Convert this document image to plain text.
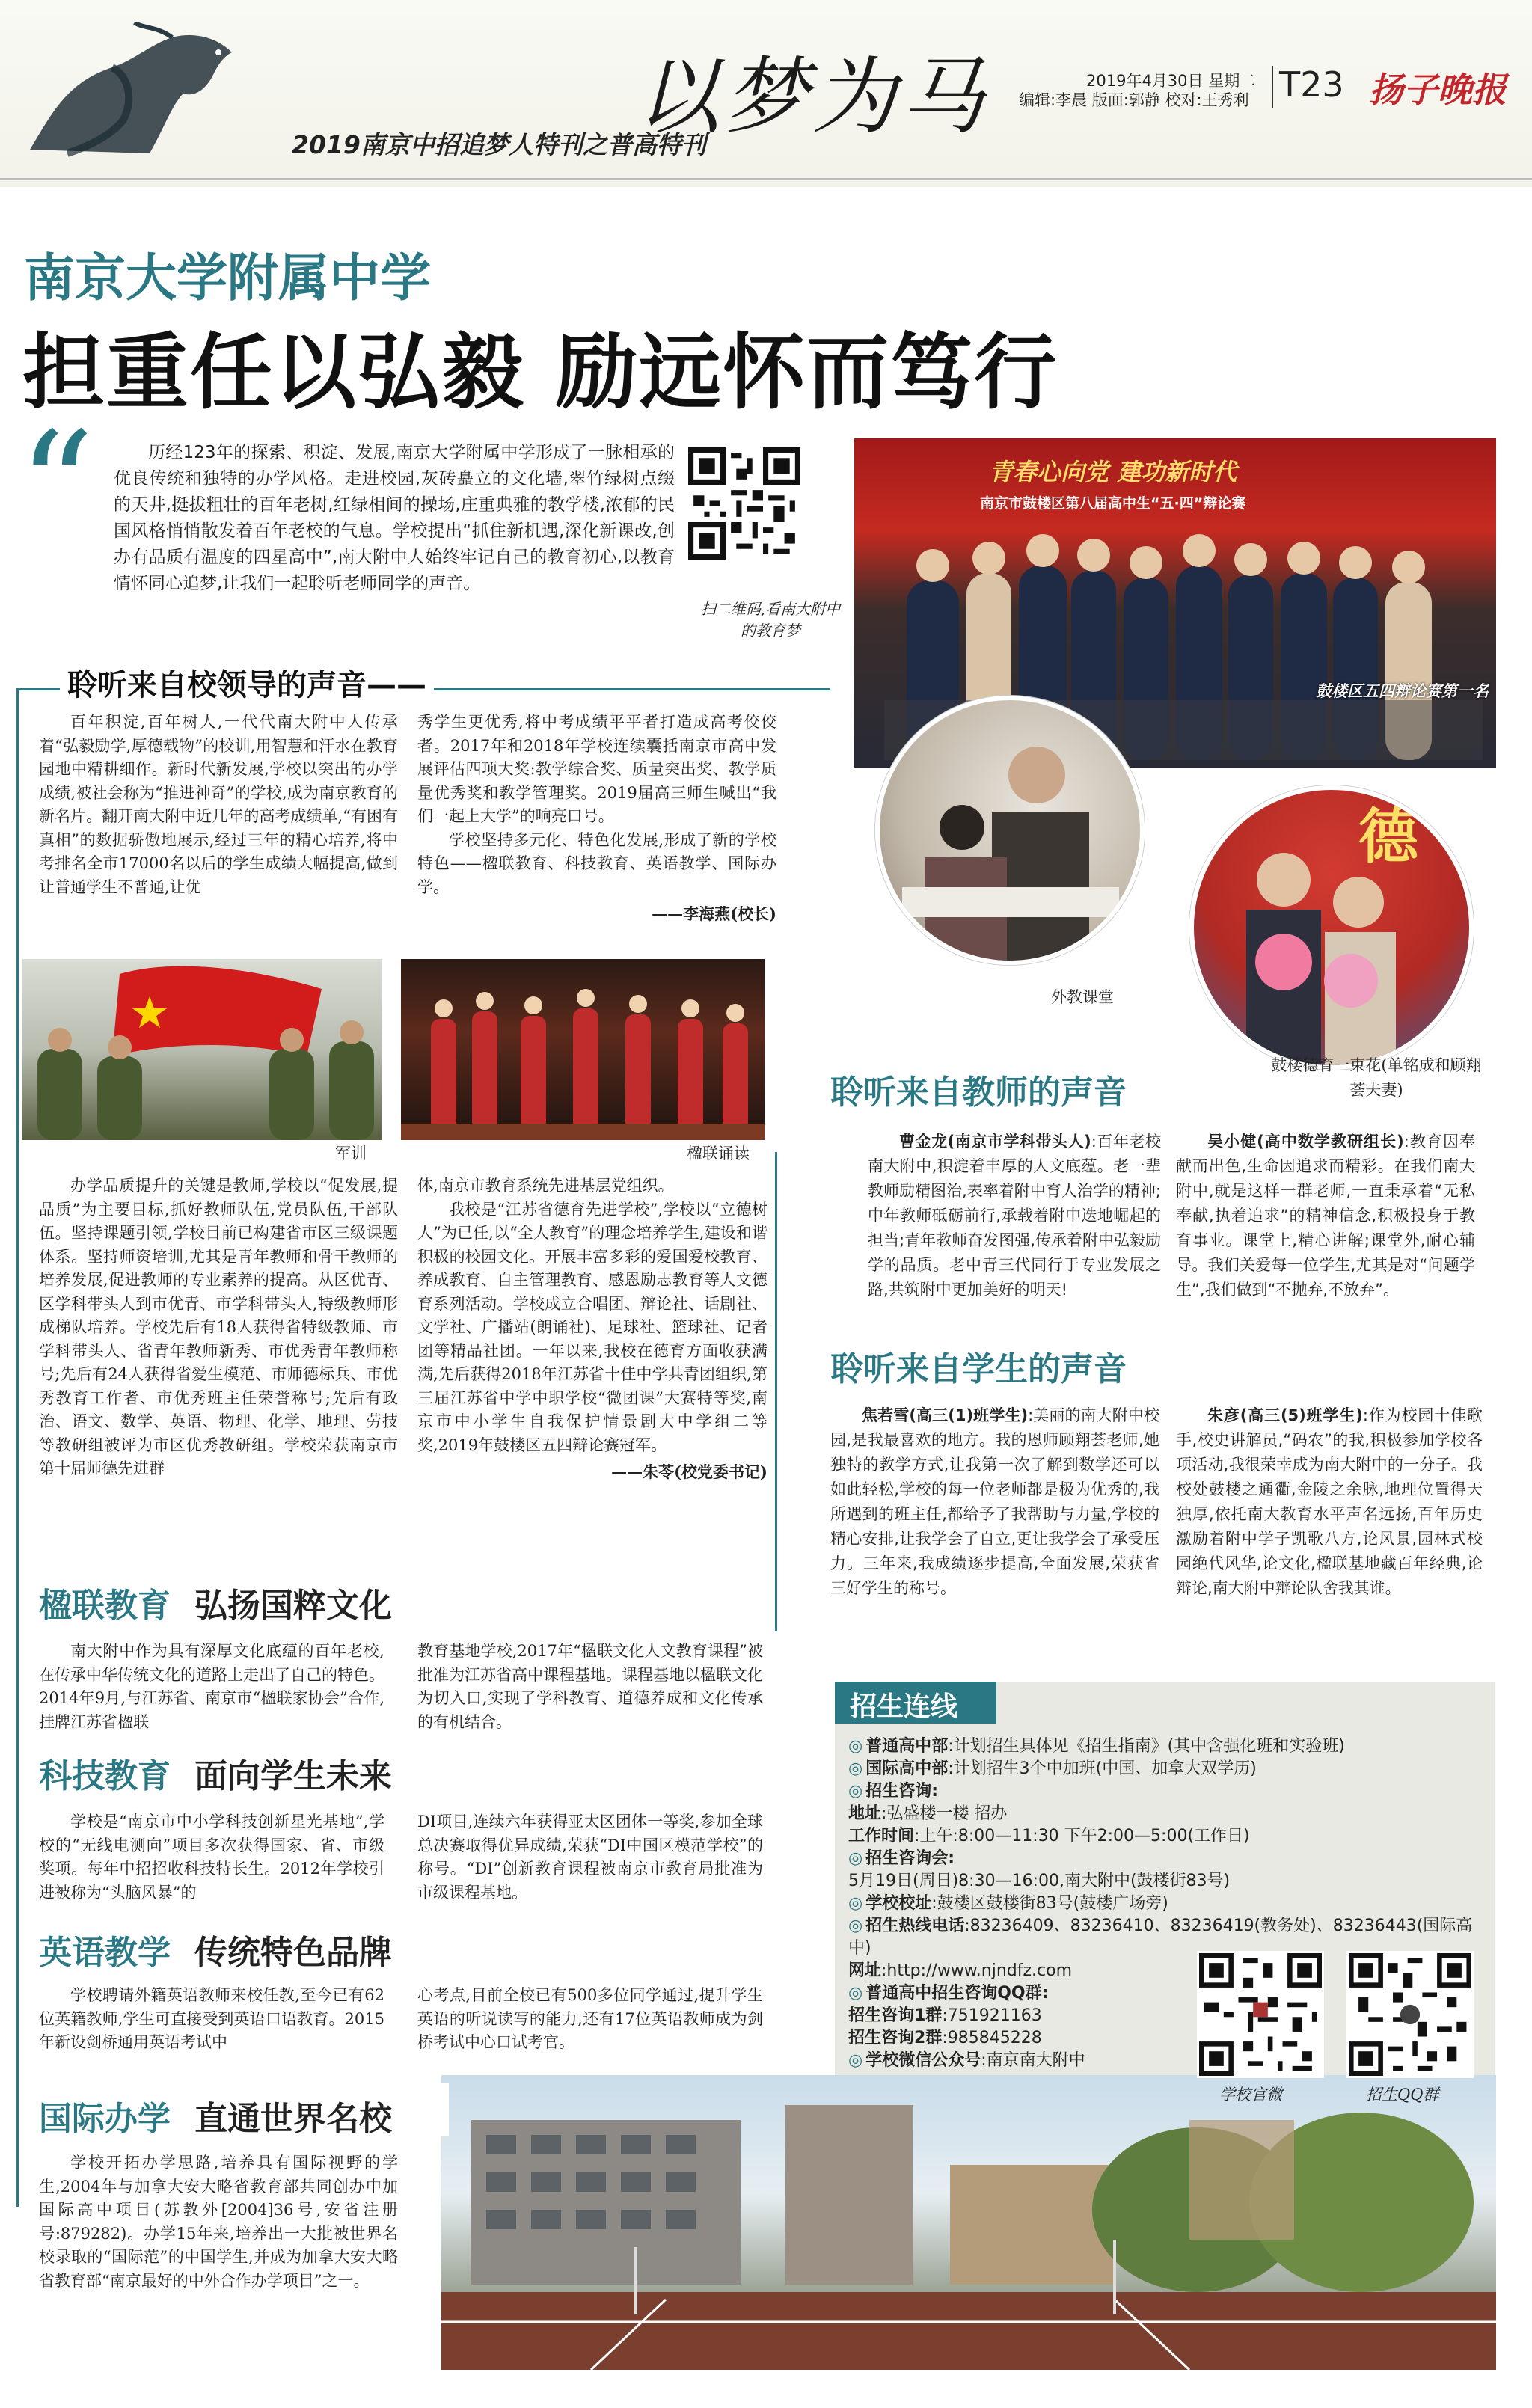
2019南京中招追梦人特刊之普高特刊
以梦为马	2019年4月30日 星期二
编辑:李晨 版面:郭静 校对:王秀利 T23 扬子晚报
南京大学附属中学
担重任以弘毅 励远怀而笃行
“	历经123年的探索、积淀、发展,南京大学附属中学形成了一脉相承的优良传统和独特的办学风格。走进校园,灰砖矗立的文化墙,翠竹绿树点缀的天井,挺拔粗壮的百年老树,红绿相间的操场,庄重典雅的教学楼,浓郁的民国风格悄悄散发着百年老校的气息。学校提出“抓住新机遇,深化新课改,创办有品质有温度的四星高中”,南大附中人始终牢记自己的教育初心,以教育情怀同心追梦,让我们一起聆听老师同学的声音。

扫二维码,看南大附中的教育梦
青春心向党 建功新时代
南京市鼓楼区第八届高中生“五·四”辩论赛
鼓楼区五四辩论赛第一名
外教课堂
德
鼓楼德育一束花(单铭成和顾翔荟夫妻)
聆听来自校领导的声音——

百年积淀,百年树人,一代代南大附中人传承着“弘毅励学,厚德载物”的校训,用智慧和汗水在教育园地中精耕细作。新时代新发展,学校以突出的办学成绩,被社会称为“推进神奇”的学校,成为南京教育的新名片。翻开南大附中近几年的高考成绩单,“有困有真相”的数据骄傲地展示,经过三年的精心培养,将中考排名全市17000名以后的学生成绩大幅提高,做到让普通学生不普通,让优

秀学生更优秀,将中考成绩平平者打造成高考佼佼者。2017年和2018年学校连续囊括南京市高中发展评估四项大奖:教学综合奖、质量突出奖、教学质量优秀奖和教学管理奖。2019届高三师生喊出“我们一起上大学”的响亮口号。

学校坚持多元化、特色化发展,形成了新的学校特色——楹联教育、科技教育、英语教学、国际办学。

——李海燕(校长)
军训	楹联诵读

办学品质提升的关键是教师,学校以“促发展,提品质”为主要目标,抓好教师队伍,党员队伍,干部队伍。坚持课题引领,学校目前已构建省市区三级课题体系。坚持师资培训,尤其是青年教师和骨干教师的培养发展,促进教师的专业素养的提高。从区优青、区学科带头人到市优青、市学科带头人,特级教师形成梯队培养。学校先后有18人获得省特级教师、市学科带头人、省青年教师新秀、市优秀青年教师称号;先后有24人获得省爱生模范、市师德标兵、市优秀教育工作者、市优秀班主任荣誉称号;先后有政治、语文、数学、英语、物理、化学、地理、劳技等教研组被评为市区优秀教研组。学校荣获南京市第十届师德先进群

体,南京市教育系统先进基层党组织。

我校是“江苏省德育先进学校”,学校以“立德树人”为已任,以“全人教育”的理念培养学生,建设和谐积极的校园文化。开展丰富多彩的爱国爱校教育、养成教育、自主管理教育、感恩励志教育等人文德育系列活动。学校成立合唱团、辩论社、话剧社、文学社、广播站(朗诵社)、足球社、篮球社、记者团等精品社团。一年以来,我校在德育方面收获满满,先后获得2018年江苏省十佳中学共青团组织,第三届江苏省中学中职学校“微团课”大赛特等奖,南京市中小学生自我保护情景剧大中学组二等奖,2019年鼓楼区五四辩论赛冠军。

——朱苓(校党委书记)
楹联教育 弘扬国粹文化

南大附中作为具有深厚文化底蕴的百年老校,在传承中华传统文化的道路上走出了自己的特色。2014年9月,与江苏省、南京市“楹联家协会”合作,挂牌江苏省楹联

教育基地学校,2017年“楹联文化人文教育课程”被批准为江苏省高中课程基地。课程基地以楹联文化为切入口,实现了学科教育、道德养成和文化传承的有机结合。

科技教育 面向学生未来

学校是“南京市中小学科技创新星光基地”,学校的“无线电测向”项目多次获得国家、省、市级奖项。每年中招招收科技特长生。2012年学校引进被称为“头脑风暴”的

DI项目,连续六年获得亚太区团体一等奖,参加全球总决赛取得优异成绩,荣获“DI中国区模范学校”的称号。“DI”创新教育课程被南京市教育局批准为市级课程基地。

英语教学 传统特色品牌

学校聘请外籍英语教师来校任教,至今已有62位英籍教师,学生可直接受到英语口语教育。2015年新设剑桥通用英语考试中

心考点,目前全校已有500多位同学通过,提升学生英语的听说读写的能力,还有17位英语教师成为剑桥考试中心口试考官。

国际办学 直通世界名校

学校开拓办学思路,培养具有国际视野的学生,2004年与加拿大安大略省教育部共同创办中加国际高中项目(苏教外[2004]36号,安省注册号:879282)。办学15年来,培养出一大批被世界名校录取的“国际范”的中国学生,并成为加拿大安大略省教育部“南京最好的中外合作办学项目”之一。

聆听来自教师的声音

曹金龙(南京市学科带头人):百年老校南大附中,积淀着丰厚的人文底蕴。老一辈教师励精图治,表率着附中育人治学的精神;中年教师砥砺前行,承载着附中迭地崛起的担当;青年教师奋发图强,传承着附中弘毅励学的品质。老中青三代同行于专业发展之路,共筑附中更加美好的明天!

吴小健(高中数学教研组长):教育因奉献而出色,生命因追求而精彩。在我们南大附中,就是这样一群老师,一直秉承着“无私奉献,执着追求”的精神信念,积极投身于教育事业。课堂上,精心讲解;课堂外,耐心辅导。我们关爱每一位学生,尤其是对“问题学生”,我们做到“不抛弃,不放弃”。

聆听来自学生的声音

焦若雪(高三(1)班学生):美丽的南大附中校园,是我最喜欢的地方。我的恩师顾翔荟老师,她独特的教学方式,让我第一次了解到数学还可以如此轻松,学校的每一位老师都是极为优秀的,我所遇到的班主任,都给予了我帮助与力量,学校的精心安排,让我学会了自立,更让我学会了承受压力。三年来,我成绩逐步提高,全面发展,荣获省三好学生的称号。

朱彦(高三(5)班学生):作为校园十佳歌手,校史讲解员,“码农”的我,积极参加学校各项活动,我很荣幸成为南大附中的一分子。我校处鼓楼之通衢,金陵之余脉,地理位置得天独厚,依托南大教育水平声名远扬,百年历史激励着附中学子凯歌八方,论风景,园林式校园绝代风华,论文化,楹联基地藏百年经典,论辩论,南大附中辩论队舍我其谁。

招生连线
◎ 普通高中部:计划招生具体见《招生指南》(其中含强化班和实验班)
◎ 国际高中部:计划招生3个中加班(中国、加拿大双学历)
◎ 招生咨询:
地址:弘盛楼一楼 招办
工作时间:上午:8:00—11:30 下午2:00—5:00(工作日)
◎ 招生咨询会:
5月19日(周日)8:30—16:00,南大附中(鼓楼街83号)
◎ 学校校址:鼓楼区鼓楼街83号(鼓楼广场旁)
◎ 招生热线电话:83236409、83236410、83236419(教务处)、83236443(国际高中)
网址:http://www.njndfz.com
◎ 普通高中招生咨询QQ群:
招生咨询1群:751921163
招生咨询2群:985845228
◎ 学校微信公众号:南京南大附中
学校官微	招生QQ群
